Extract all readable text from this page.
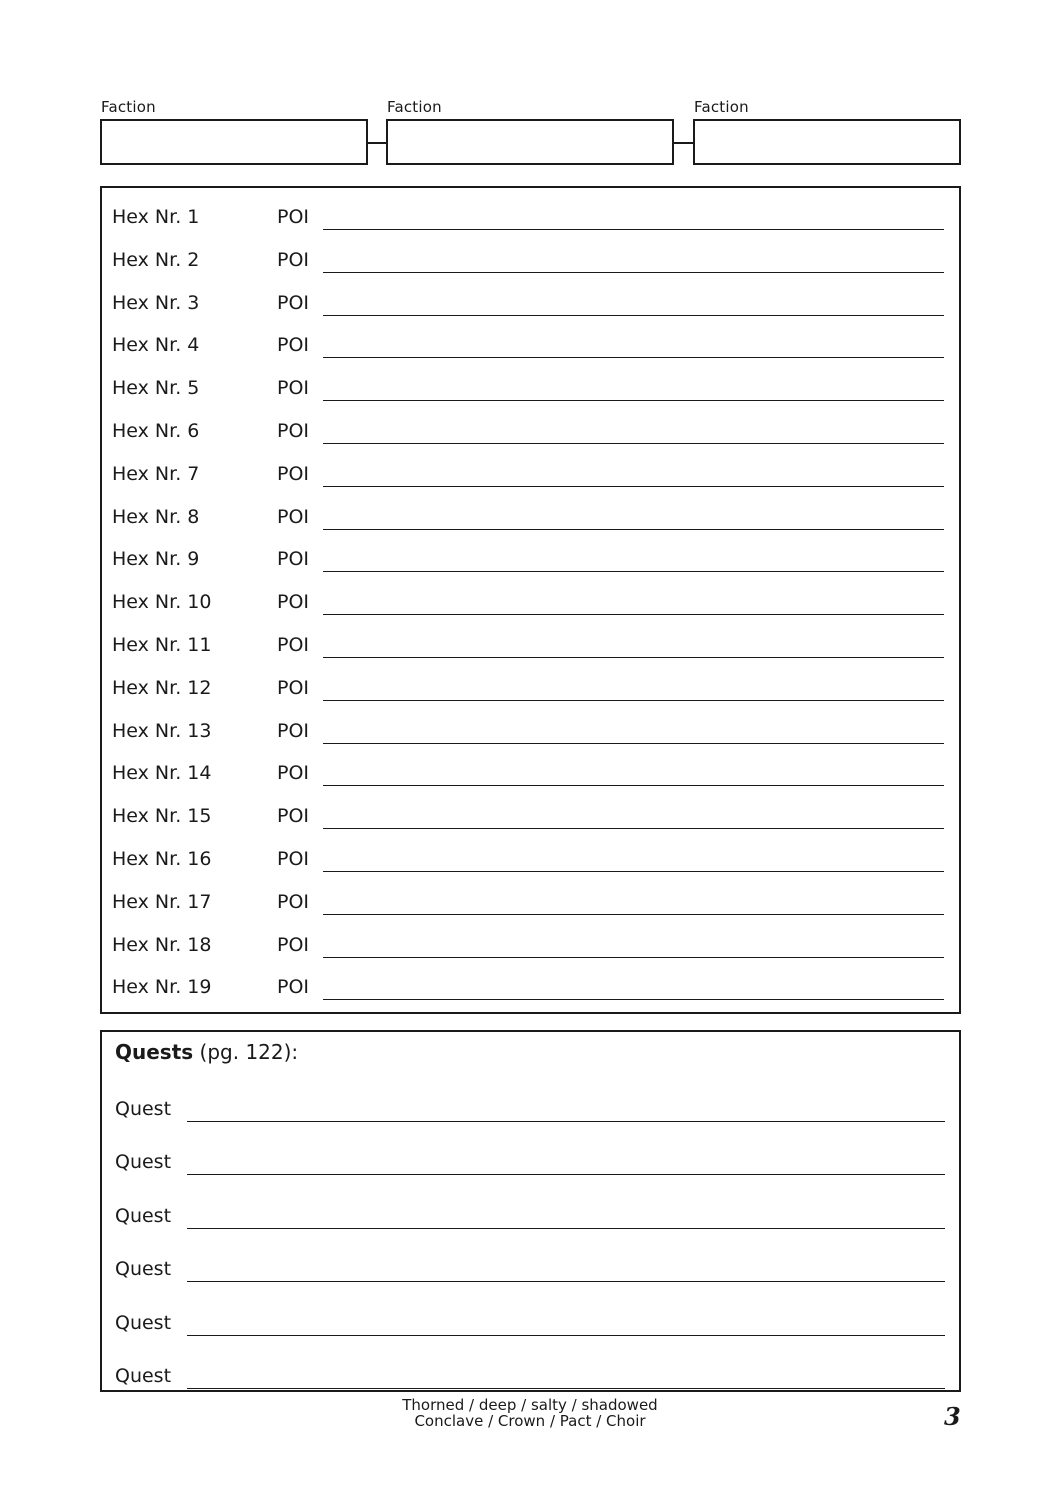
Faction	Faction	Faction
Hex Nr. 1	POI
Hex Nr. 2	POI
Hex Nr. 3	POI
Hex Nr. 4	POI
Hex Nr. 5	POI
Hex Nr. 6	POI
Hex Nr. 7	POI
Hex Nr. 8	POI
Hex Nr. 9	POI
Hex Nr. 10	POI
Hex Nr. 11	POI
Hex Nr. 12	POI
Hex Nr. 13	POI
Hex Nr. 14	POI
Hex Nr. 15	POI
Hex Nr. 16	POI
Hex Nr. 17	POI
Hex Nr. 18	POI
Hex Nr. 19	POI
Quests (pg. 122):
Quest
Quest
Quest
Quest
Quest
Quest
Thorned / deep / salty / shadowed
Conclave / Crown / Pact / Choir	3
